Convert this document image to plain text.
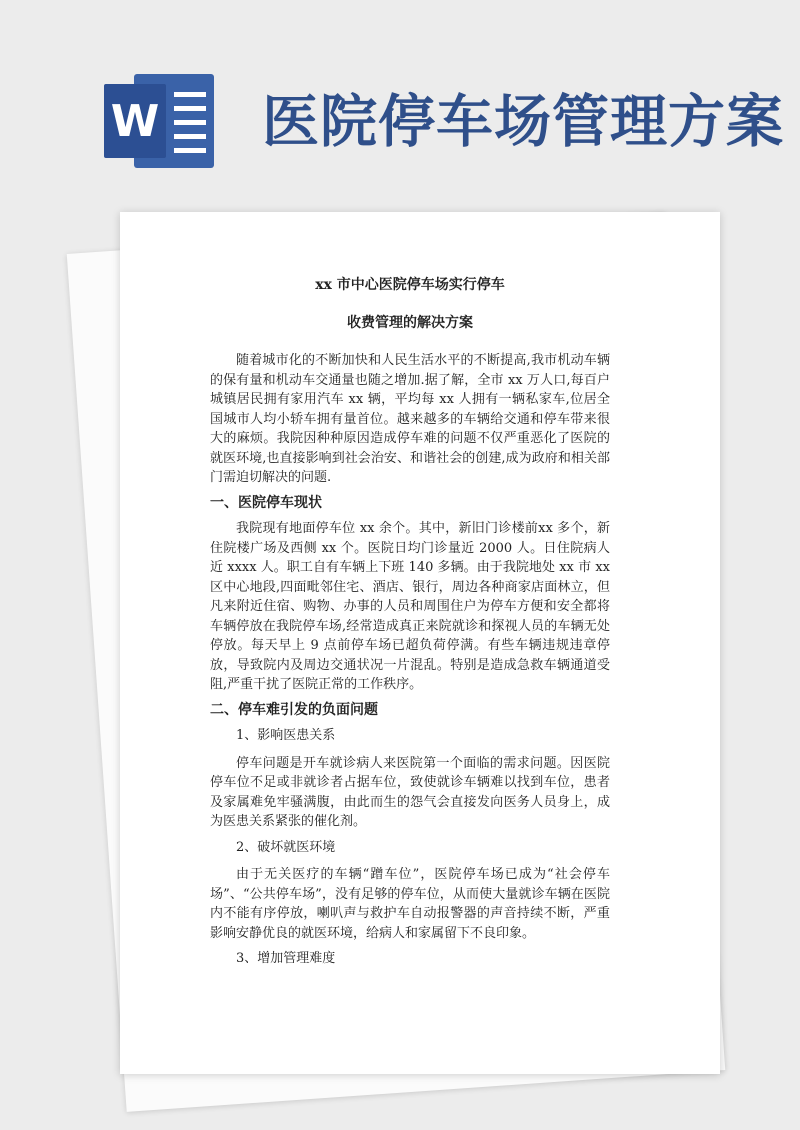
W 医院停车场管理方案

xx 市中心医院停车场实行停车

收费管理的解决方案

随着城市化的不断加快和人民生活水平的不断提高,我市机动车辆的保有量和机动车交通量也随之增加.据了解，全市 xx 万人口,每百户城镇居民拥有家用汽车 xx 辆，平均每 xx 人拥有一辆私家车,位居全国城市人均小轿车拥有量首位。越来越多的车辆给交通和停车带来很大的麻烦。我院因种种原因造成停车难的问题不仅严重恶化了医院的就医环境,也直接影响到社会治安、和谐社会的创建,成为政府和相关部门需迫切解决的问题.

一、医院停车现状

我院现有地面停车位 xx 余个。其中，新旧门诊楼前xx 多个，新住院楼广场及西侧 xx 个。医院日均门诊量近 2000 人。日住院病人近 xxxx 人。职工自有车辆上下班 140 多辆。由于我院地处 xx 市 xx 区中心地段,四面毗邻住宅、酒店、银行，周边各种商家店面林立，但凡来附近住宿、购物、办事的人员和周围住户为停车方便和安全都将车辆停放在我院停车场,经常造成真正来院就诊和探视人员的车辆无处停放。每天早上 9 点前停车场已超负荷停满。有些车辆违规违章停放，导致院内及周边交通状况一片混乱。特别是造成急救车辆通道受阻,严重干扰了医院正常的工作秩序。

二、停车难引发的负面问题

1、影响医患关系

停车问题是开车就诊病人来医院第一个面临的需求问题。因医院停车位不足或非就诊者占据车位，致使就诊车辆难以找到车位，患者及家属难免牢骚满腹，由此而生的怨气会直接发向医务人员身上，成为医患关系紧张的催化剂。

2、破坏就医环境

由于无关医疗的车辆“蹭车位”，医院停车场已成为“社会停车场”、“公共停车场”，没有足够的停车位，从而使大量就诊车辆在医院内不能有序停放，喇叭声与救护车自动报警器的声音持续不断，严重影响安静优良的就医环境，给病人和家属留下不良印象。

3、增加管理难度
